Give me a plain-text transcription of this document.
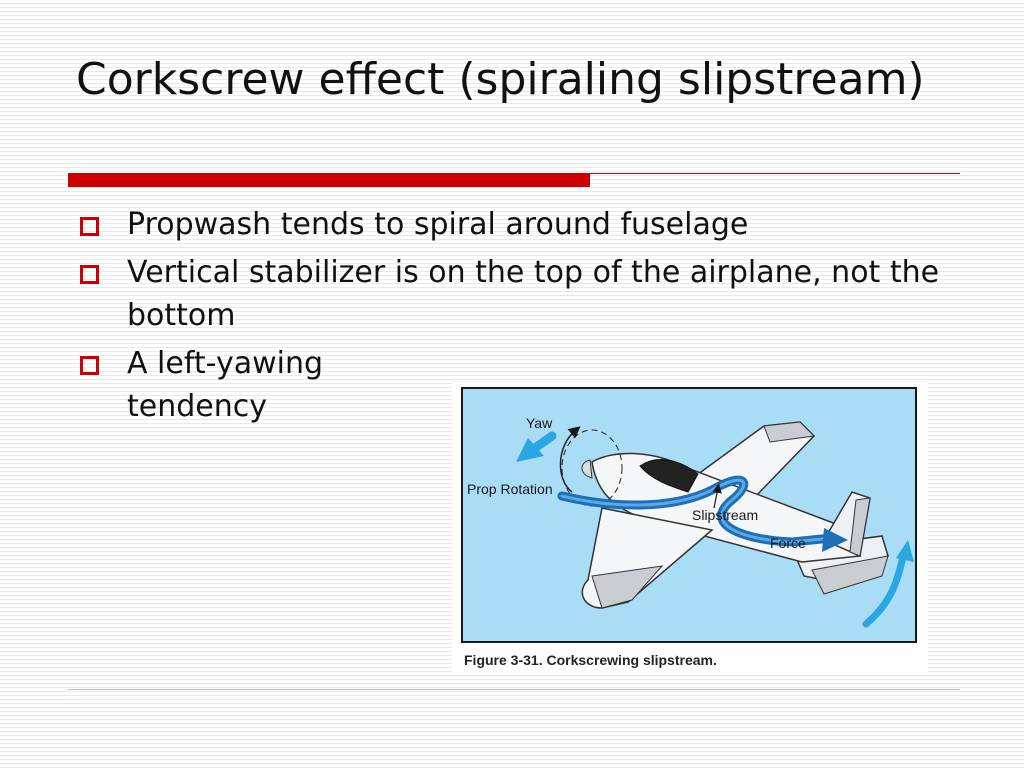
Corkscrew effect (spiraling slipstream)
Propwash tends to spiral around fuselage
Vertical stabilizer is on the top of the airplane, not the bottom
A left-yawing tendency	Yaw
Prop Rotation
Slipstream
Force
Figure 3-31. Corkscrewing slipstream.
